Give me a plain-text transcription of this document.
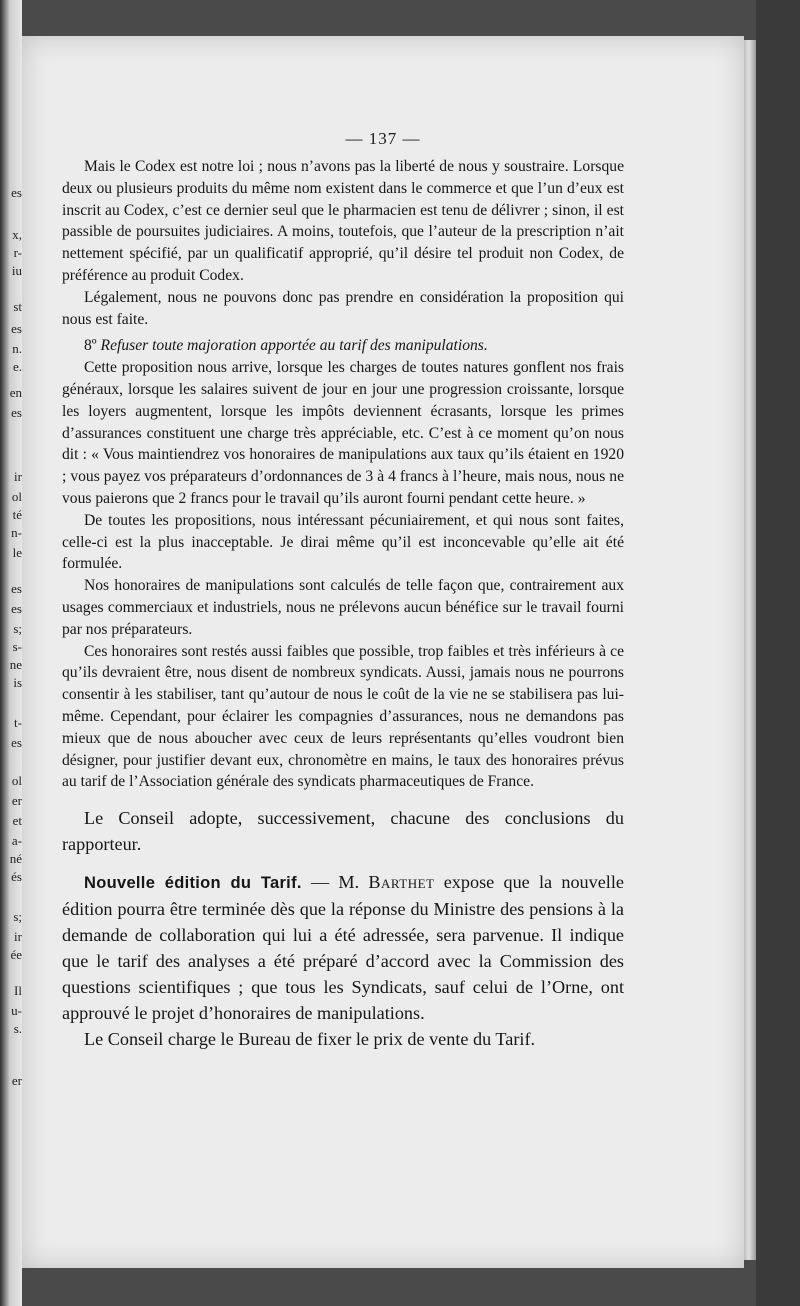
es
x,
r-
iu
st
es
n.
e.
en
es
ir
ol
té
n-
le
es
es
s;
s-
ne
is
t-
es
ol
er
et
a-
né
és
s;
ir
ée
Il
u-
s.
er
— 137 —

Mais le Codex est notre loi ; nous n’avons pas la liberté de nous y soustraire. Lorsque deux ou plusieurs produits du même nom existent dans le commerce et que l’un d’eux est inscrit au Codex, c’est ce dernier seul que le pharmacien est tenu de délivrer ; sinon, il est passible de poursuites judiciaires. A moins, toutefois, que l’auteur de la prescription n’ait nettement spécifié, par un qualificatif approprié, qu’il désire tel produit non Codex, de préférence au produit Codex.

Légalement, nous ne pouvons donc pas prendre en considération la proposition qui nous est faite.

8º Refuser toute majoration apportée au tarif des manipulations.

Cette proposition nous arrive, lorsque les charges de toutes natures gonflent nos frais généraux, lorsque les salaires suivent de jour en jour une progression croissante, lorsque les loyers augmentent, lorsque les impôts deviennent écrasants, lorsque les primes d’assurances constituent une charge très appréciable, etc. C’est à ce moment qu’on nous dit : « Vous maintiendrez vos honoraires de manipulations aux taux qu’ils étaient en 1920 ; vous payez vos préparateurs d’ordonnances de 3 à 4 francs à l’heure, mais nous, nous ne vous paierons que 2 francs pour le travail qu’ils auront fourni pendant cette heure. »

De toutes les propositions, nous intéressant pécuniairement, et qui nous sont faites, celle-ci est la plus inacceptable. Je dirai même qu’il est inconcevable qu’elle ait été formulée.

Nos honoraires de manipulations sont calculés de telle façon que, contrairement aux usages commerciaux et industriels, nous ne prélevons aucun bénéfice sur le travail fourni par nos préparateurs.

Ces honoraires sont restés aussi faibles que possible, trop faibles et très inférieurs à ce qu’ils devraient être, nous disent de nombreux syndicats. Aussi, jamais nous ne pourrons consentir à les stabiliser, tant qu’autour de nous le coût de la vie ne se stabilisera pas lui-même. Cependant, pour éclairer les compagnies d’assurances, nous ne demandons pas mieux que de nous aboucher avec ceux de leurs représentants qu’elles voudront bien désigner, pour justifier devant eux, chronomètre en mains, le taux des honoraires prévus au tarif de l’Association générale des syndicats pharmaceutiques de France.

Le Conseil adopte, successivement, chacune des conclusions du rapporteur.

Nouvelle édition du Tarif. — M. Barthet expose que la nouvelle édition pourra être terminée dès que la réponse du Ministre des pensions à la demande de collaboration qui lui a été adressée, sera parvenue. Il indique que le tarif des analyses a été préparé d’accord avec la Commission des questions scientifiques ; que tous les Syndicats, sauf celui de l’Orne, ont approuvé le projet d’honoraires de manipulations.

Le Conseil charge le Bureau de fixer le prix de vente du Tarif.
